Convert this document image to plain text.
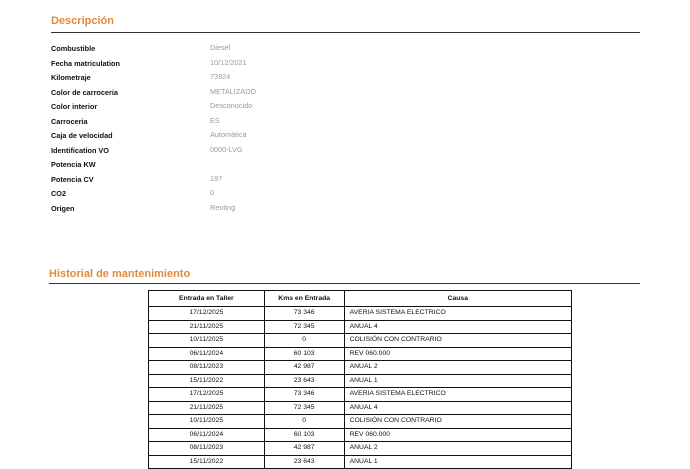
Descripción
Combustible	Diesel
Fecha matriculation	10/12/2021
Kilometraje	73924
Color de carroceria	METALIZADO
Color interior	Desconocido
Carroceria	ES
Caja de velocidad	Automática
Identification VO	0000-LVG
Potencia KW
Potencia CV	197
CO2	0
Origen	Renting
Historial de mantenimiento
Entrada en Taller	Kms en Entrada	Causa
17/12/2025	73 346	AVERIA SISTEMA ELECTRICO
21/11/2025	72 345	ANUAL 4
10/11/2025	0	COLISIÓN CON CONTRARIO
06/11/2024	60 103	REV 060.000
08/11/2023	42 987	ANUAL 2
15/11/2022	23 643	ANUAL 1
17/12/2025	73 346	AVERIA SISTEMA ELECTRICO
21/11/2025	72 345	ANUAL 4
10/11/2025	0	COLISIÓN CON CONTRARIO
06/11/2024	60 103	REV 060.000
08/11/2023	42 987	ANUAL 2
15/11/2022	23 643	ANUAL 1
